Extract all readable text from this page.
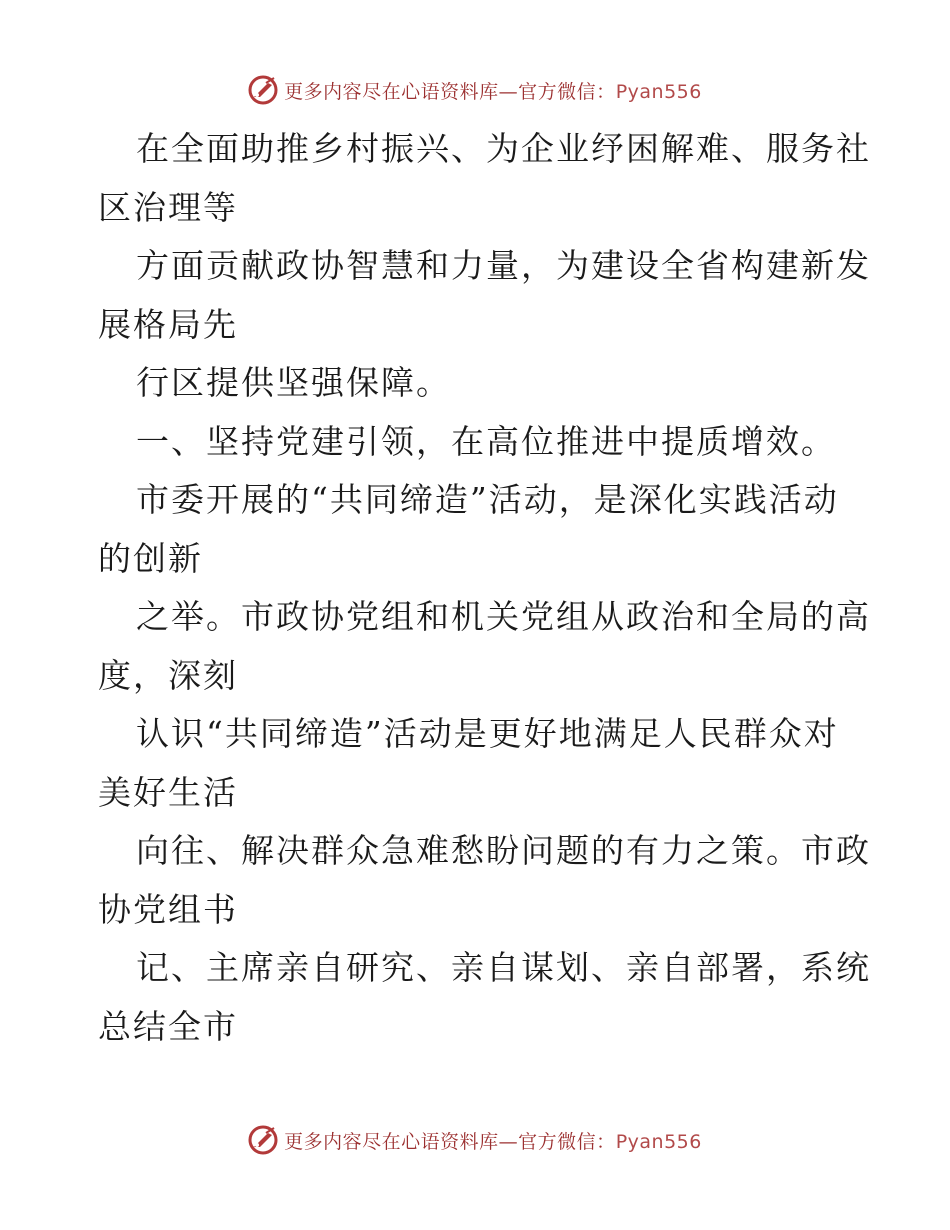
更多内容尽在心语资料库—官方微信：Pyan556
在全面助推乡村振兴、为企业纾困解难、服务社
区治理等
方面贡献政协智慧和力量，为建设全省构建新发
展格局先
行区提供坚强保障。
一、坚持党建引领，在高位推进中提质增效。
市委开展的“共同缔造”活动，是深化实践活动
的创新
之举。市政协党组和机关党组从政治和全局的高
度，深刻
认识“共同缔造”活动是更好地满足人民群众对
美好生活
向往、解决群众急难愁盼问题的有力之策。市政
协党组书
记、主席亲自研究、亲自谋划、亲自部署，系统
总结全市
更多内容尽在心语资料库—官方微信：Pyan556
